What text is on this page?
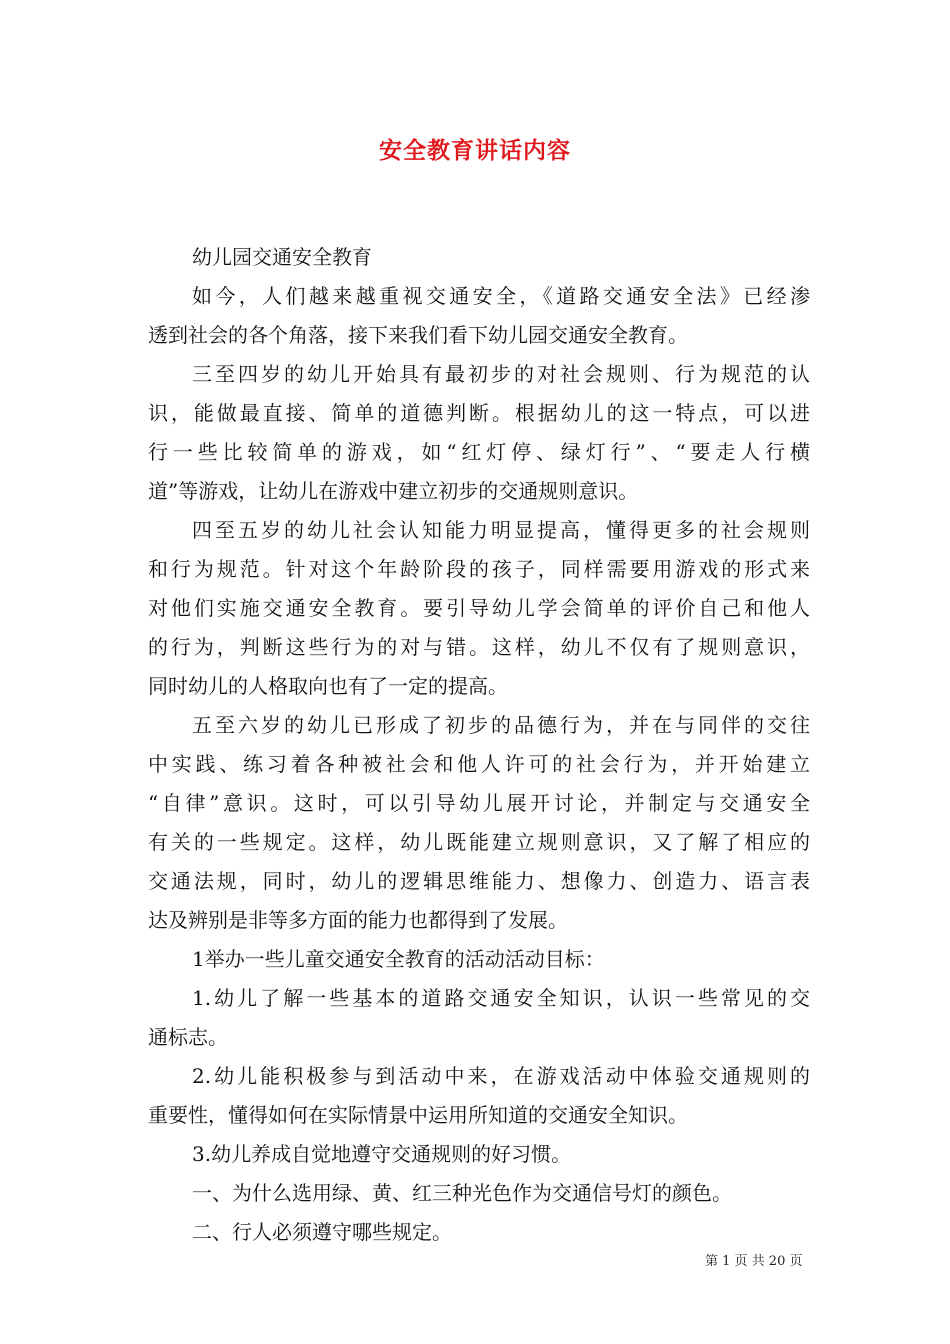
安全教育讲话内容
幼儿园交通安全教育
如今，人们越来越重视交通安全，《道路交通安全法》已经渗
透到社会的各个角落，接下来我们看下幼儿园交通安全教育。
三至四岁的幼儿开始具有最初步的对社会规则、行为规范的认
识，能做最直接、简单的道德判断。根据幼儿的这一特点，可以进
行一些比较简单的游戏，如“红灯停、绿灯行”、“要走人行横
道”等游戏，让幼儿在游戏中建立初步的交通规则意识。
四至五岁的幼儿社会认知能力明显提高，懂得更多的社会规则
和行为规范。针对这个年龄阶段的孩子，同样需要用游戏的形式来
对他们实施交通安全教育。要引导幼儿学会简单的评价自己和他人
的行为，判断这些行为的对与错。这样，幼儿不仅有了规则意识，
同时幼儿的人格取向也有了一定的提高。
五至六岁的幼儿已形成了初步的品德行为，并在与同伴的交往
中实践、练习着各种被社会和他人许可的社会行为，并开始建立
“自律”意识。这时，可以引导幼儿展开讨论，并制定与交通安全
有关的一些规定。这样，幼儿既能建立规则意识，又了解了相应的
交通法规，同时，幼儿的逻辑思维能力、想像力、创造力、语言表
达及辨别是非等多方面的能力也都得到了发展。
1举办一些儿童交通安全教育的活动活动目标：
1.幼儿了解一些基本的道路交通安全知识，认识一些常见的交
通标志。
2.幼儿能积极参与到活动中来，在游戏活动中体验交通规则的
重要性，懂得如何在实际情景中运用所知道的交通安全知识。
3.幼儿养成自觉地遵守交通规则的好习惯。
一、为什么选用绿、黄、红三种光色作为交通信号灯的颜色。
二、行人必须遵守哪些规定。
第 1 页 共 20 页
